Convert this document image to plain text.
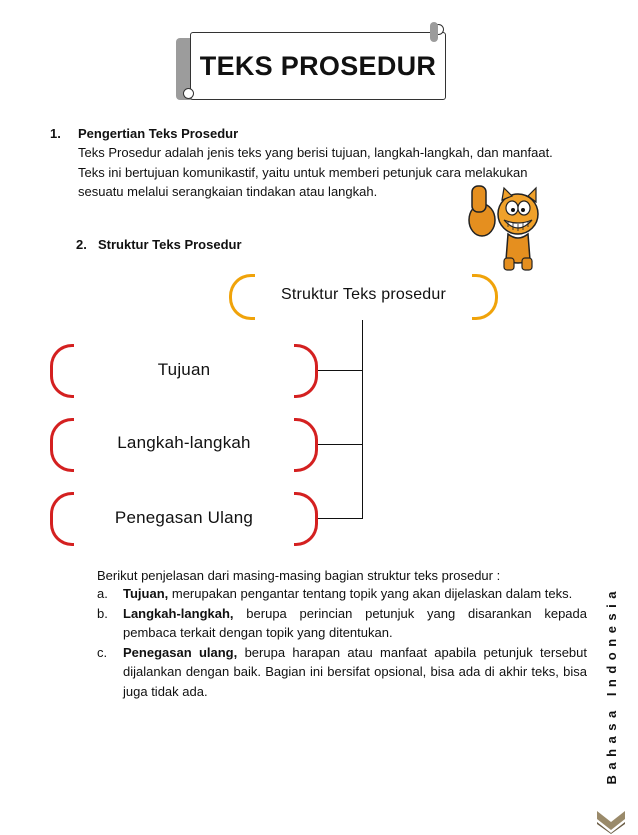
TEKS PROSEDUR
1. Pengertian Teks Prosedur
Teks Prosedur adalah jenis teks yang berisi tujuan, langkah-langkah, dan manfaat.
Teks ini bertujuan komunikastif, yaitu untuk memberi petunjuk cara melakukan
sesuatu melalui serangkaian tindakan atau langkah.
2. Struktur Teks Prosedur
Struktur Teks prosedur
Tujuan
Langkah-langkah
Penegasan Ulang
Berikut penjelasan dari masing-masing bagian struktur teks prosedur :
a.	Tujuan, merupakan pengantar tentang topik yang akan dijelaskan dalam teks.
b.	Langkah-langkah, berupa perincian petunjuk yang disarankan kepada pembaca terkait dengan topik yang ditentukan.
c.	Penegasan ulang, berupa harapan atau manfaat apabila petunjuk tersebut dijalankan dengan baik. Bagian ini bersifat opsional, bisa ada di akhir teks, bisa juga tidak ada.	Bahasa Indonesia
